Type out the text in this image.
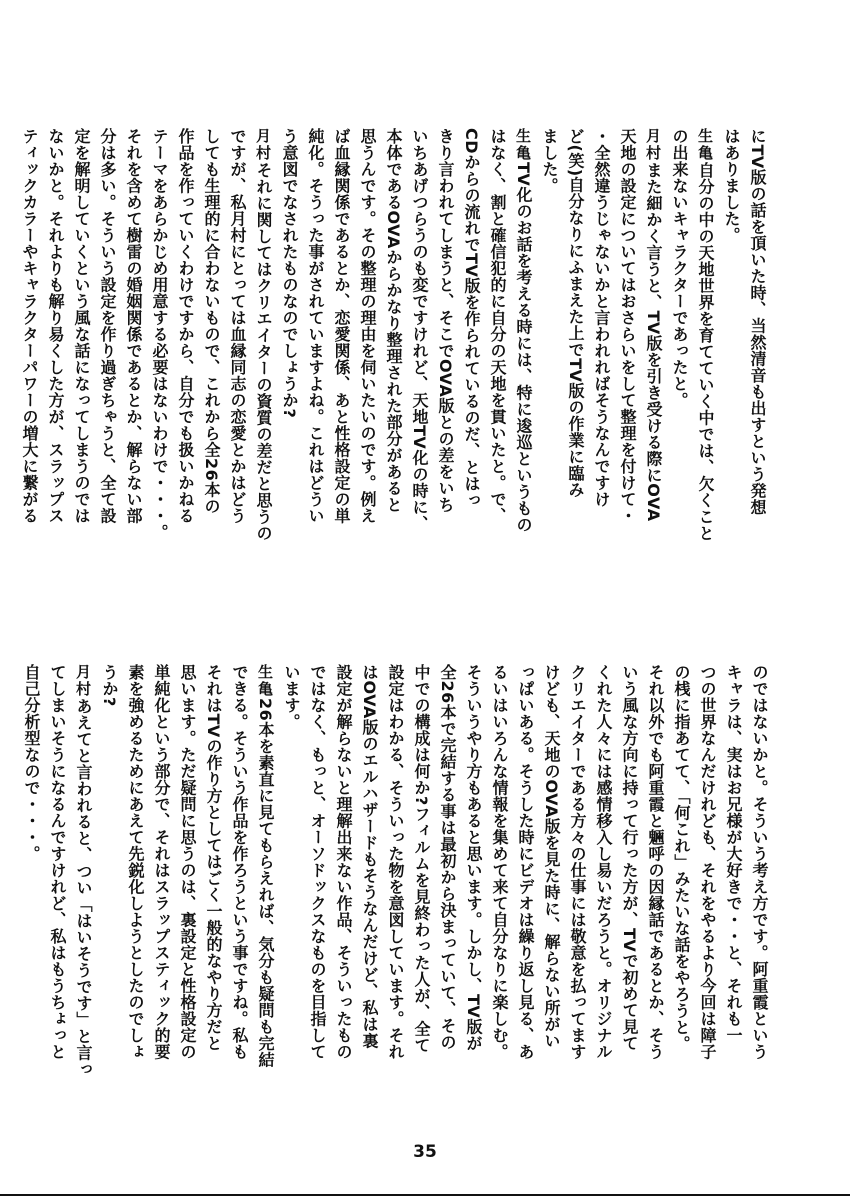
にTV版の話を頂いた時、当然清音も出すという発想
はありました。
生亀自分の中の天地世界を育てていく中では、欠くこと
の出来ないキャラクターであったと。
月村また細かく言うと、TV版を引き受ける際にOVA
天地の設定についてはおさらいをして整理を付けて・
・全然違うじゃないかと言われればそうなんですけ
ど(笑)自分なりにふまえた上でTV版の作業に臨み
ました。
生亀TV化のお話を考える時には、特に逡巡というもの
はなく、割と確信犯的に自分の天地を貫いたと。で、
CDからの流れでTV版を作られているのだ、とはっ
きり言われてしまうと、そこでOVA版との差をいち
いちあげつらうのも変ですけれど、天地TV化の時に、
本体であるOVAからかなり整理された部分があると
思うんです。その整理の理由を伺いたいのです。例え
ば血縁関係であるとか、恋愛関係、あと性格設定の単
純化。そうった事がされていますよね。これはどうい
う意図でなされたものなのでしょうか?
月村それに関してはクリエイターの資質の差だと思うの
ですが、私月村にとっては血縁同志の恋愛とかはどう
しても生理的に合わないもので、これから全26本の
作品を作っていくわけですから、自分でも扱いかねる
テーマをあらかじめ用意する必要はないわけで・・・。
それを含めて樹雷の婚姻関係であるとか、解らない部
分は多い。そういう設定を作り過ぎちゃうと、全て設
定を解明していくという風な話になってしまうのでは
ないかと。それよりも解り易くした方が、スラップス
ティックカラーやキャラクターパワーの増大に繋がる
のではないかと。そういう考え方です。阿重霞という
キャラは、実はお兄様が大好きで・・と、それも一
つの世界なんだけれども、それをやるより今回は障子
の桟に指あてて、「何これ」みたいな話をやろうと。
それ以外でも阿重霞と魎呼の因縁話であるとか、そう
いう風な方向に持って行った方が、TVで初めて見て
くれた人々には感情移入し易いだろうと。オリジナル
クリエイターである方々の仕事には敬意を払ってます
けども、天地のOVA版を見た時に、解らない所がい
っぱいある。そうした時にビデオは繰り返し見る、あ
るいはいろんな情報を集めて来て自分なりに楽しむ。
そういうやり方もあると思います。しかし、TV版が
全26本で完結する事は最初から決まっていて、その
中での構成は何か?フィルムを見終わった人が、全て
設定はわかる、そういった物を意図しています。それ
はOVA版のエルハザードもそうなんだけど、私は裏
設定が解らないと理解出来ない作品、そういったもの
ではなく、もっと、オーソドックスなものを目指して
います。
生亀26本を素直に見てもらえれば、気分も疑問も完結
できる。そういう作品を作ろうという事ですね。私も
それはTVの作り方としてはごく一般的なやり方だと
思います。ただ疑問に思うのは、裏設定と性格設定の
単純化という部分で、それはスラップスティック的要
素を強めるためにあえて先鋭化しようとしたのでしょ
うか?
月村あえてと言われると、つい「はいそうです」と言っ
てしまいそうになるんですけれど、私はもうちょっと
自己分析型なので・・・。
35
